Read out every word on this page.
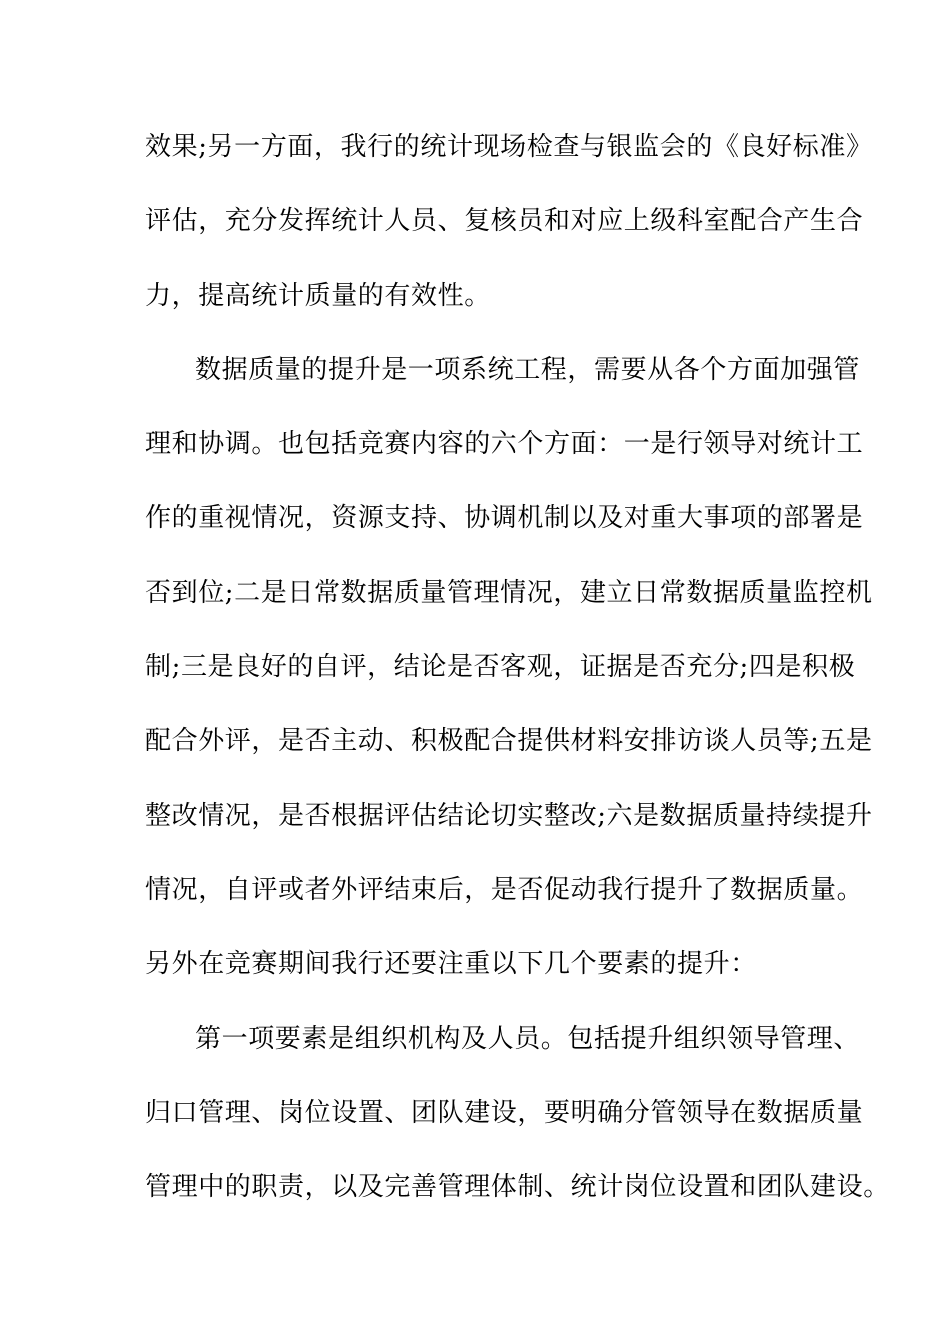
效果;另一方面，我行的统计现场检查与银监会的《良好标准》
评估，充分发挥统计人员、复核员和对应上级科室配合产生合
力，提高统计质量的有效性。
数据质量的提升是一项系统工程，需要从各个方面加强管
理和协调。也包括竞赛内容的六个方面：一是行领导对统计工
作的重视情况，资源支持、协调机制以及对重大事项的部署是
否到位;二是日常数据质量管理情况，建立日常数据质量监控机
制;三是良好的自评，结论是否客观，证据是否充分;四是积极
配合外评，是否主动、积极配合提供材料安排访谈人员等;五是
整改情况，是否根据评估结论切实整改;六是数据质量持续提升
情况，自评或者外评结束后，是否促动我行提升了数据质量。
另外在竞赛期间我行还要注重以下几个要素的提升：
第一项要素是组织机构及人员。包括提升组织领导管理、
归口管理、岗位设置、团队建设，要明确分管领导在数据质量
管理中的职责，以及完善管理体制、统计岗位设置和团队建设。
